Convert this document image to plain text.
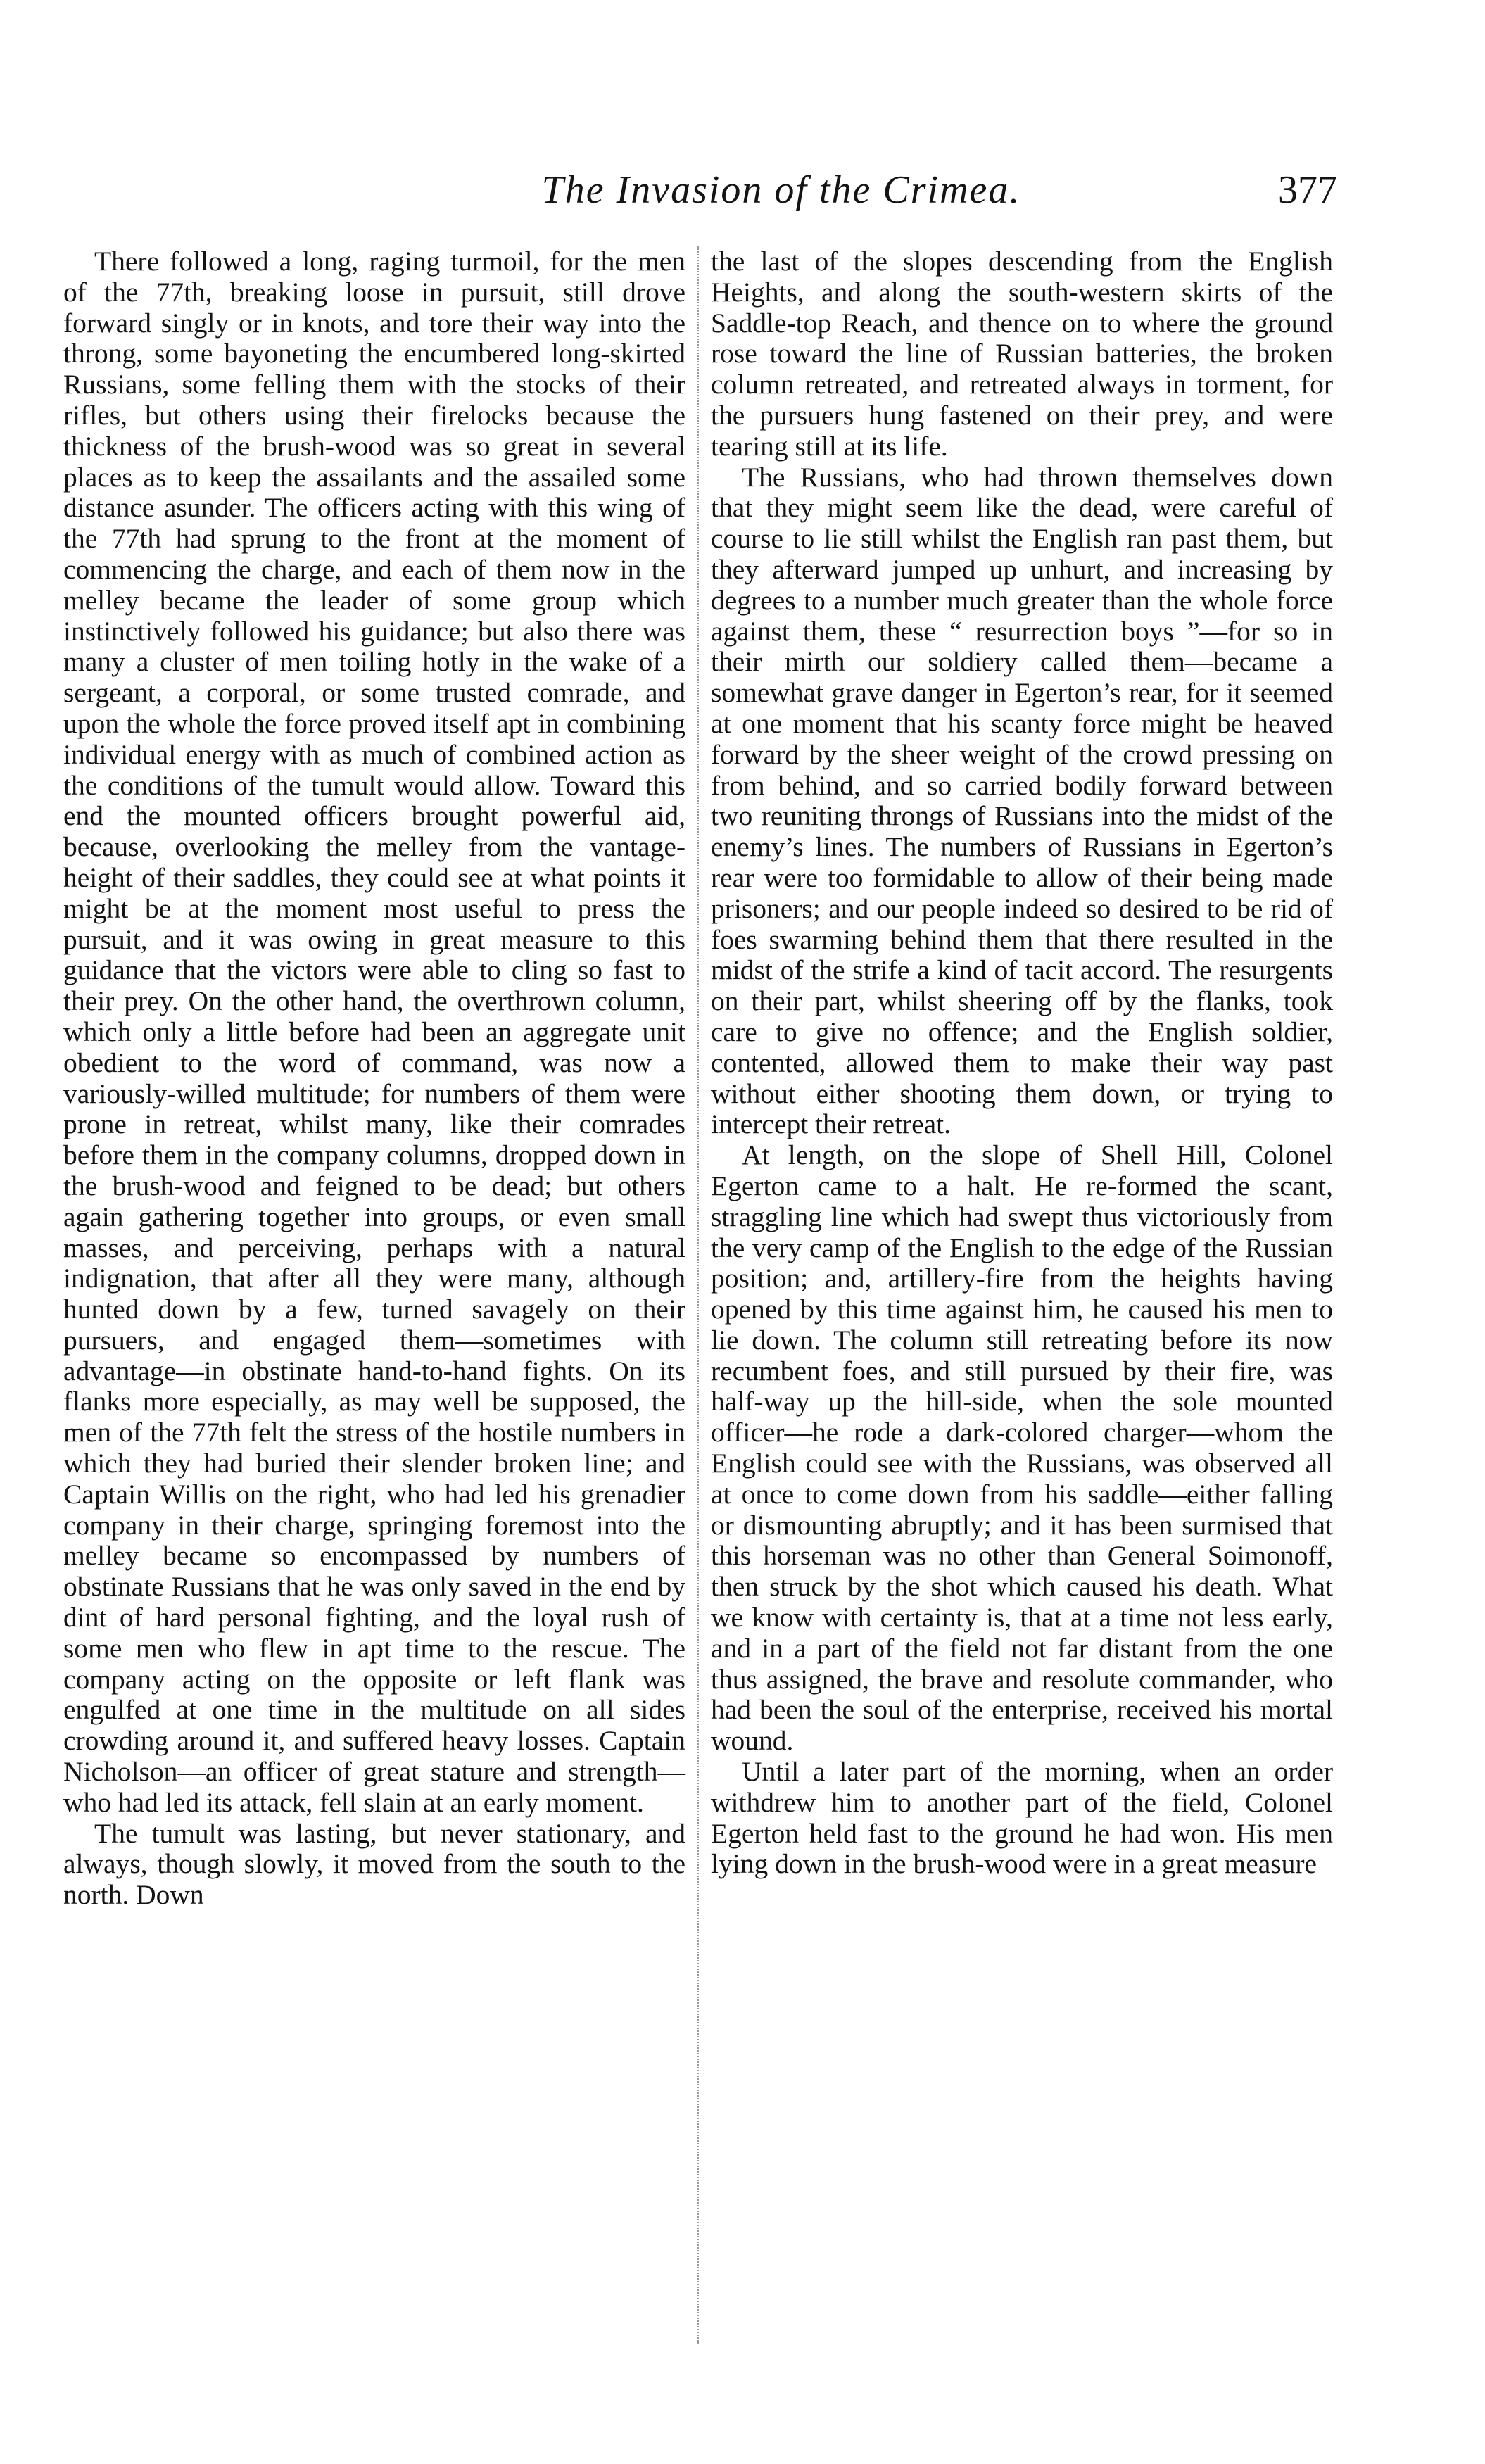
The Invasion of the Crimea.	377

There followed a long, raging turmoil, for the men of the 77th, breaking loose in pursuit, still drove forward singly or in knots, and tore their way into the throng, some bayoneting the encumbered long-skirted Russians, some felling them with the stocks of their rifles, but others using their firelocks because the thickness of the brush-wood was so great in several places as to keep the assailants and the assailed some distance asunder. The officers acting with this wing of the 77th had sprung to the front at the moment of commencing the charge, and each of them now in the melley became the leader of some group which instinctively followed his guidance; but also there was many a cluster of men toiling hotly in the wake of a sergeant, a corporal, or some trusted comrade, and upon the whole the force proved itself apt in combining individual energy with as much of combined action as the conditions of the tumult would allow. Toward this end the mounted officers brought powerful aid, because, overlooking the melley from the vantage-height of their saddles, they could see at what points it might be at the moment most useful to press the pursuit, and it was owing in great measure to this guidance that the victors were able to cling so fast to their prey. On the other hand, the overthrown column, which only a little before had been an aggregate unit obedient to the word of command, was now a variously-willed multitude; for numbers of them were prone in retreat, whilst many, like their comrades before them in the company columns, dropped down in the brush-wood and feigned to be dead; but others again gathering together into groups, or even small masses, and perceiving, perhaps with a natural indignation, that after all they were many, although hunted down by a few, turned savagely on their pursuers, and engaged them—sometimes with advantage—in obstinate hand-to-hand fights. On its flanks more especially, as may well be supposed, the men of the 77th felt the stress of the hostile numbers in which they had buried their slender broken line; and Captain Willis on the right, who had led his grenadier company in their charge, springing foremost into the melley became so encompassed by numbers of obstinate Russians that he was only saved in the end by dint of hard personal fighting, and the loyal rush of some men who flew in apt time to the rescue. The company acting on the opposite or left flank was engulfed at one time in the multitude on all sides crowding around it, and suffered heavy losses. Captain Nicholson—an officer of great stature and strength—who had led its attack, fell slain at an early moment.

The tumult was lasting, but never stationary, and always, though slowly, it moved from the south to the north. Down

the last of the slopes descending from the English Heights, and along the south-western skirts of the Saddle-top Reach, and thence on to where the ground rose toward the line of Russian batteries, the broken column retreated, and retreated always in torment, for the pursuers hung fastened on their prey, and were tearing still at its life.

The Russians, who had thrown themselves down that they might seem like the dead, were careful of course to lie still whilst the English ran past them, but they afterward jumped up unhurt, and increasing by degrees to a number much greater than the whole force against them, these “ resurrection boys ”—for so in their mirth our soldiery called them—became a somewhat grave danger in Egerton’s rear, for it seemed at one moment that his scanty force might be heaved forward by the sheer weight of the crowd pressing on from behind, and so carried bodily forward between two reuniting throngs of Russians into the midst of the enemy’s lines. The numbers of Russians in Egerton’s rear were too formidable to allow of their being made prisoners; and our people indeed so desired to be rid of foes swarming behind them that there resulted in the midst of the strife a kind of tacit accord. The resurgents on their part, whilst sheering off by the flanks, took care to give no offence; and the English soldier, contented, allowed them to make their way past without either shooting them down, or trying to intercept their retreat.

At length, on the slope of Shell Hill, Colonel Egerton came to a halt. He re-formed the scant, straggling line which had swept thus victoriously from the very camp of the English to the edge of the Russian position; and, artillery-fire from the heights having opened by this time against him, he caused his men to lie down. The column still retreating before its now recumbent foes, and still pursued by their fire, was half-way up the hill-side, when the sole mounted officer—he rode a dark-colored charger—whom the English could see with the Russians, was observed all at once to come down from his saddle—either falling or dismounting abruptly; and it has been surmised that this horseman was no other than General Soimonoff, then struck by the shot which caused his death. What we know with certainty is, that at a time not less early, and in a part of the field not far distant from the one thus assigned, the brave and resolute commander, who had been the soul of the enterprise, received his mortal wound.

Until a later part of the morning, when an order withdrew him to another part of the field, Colonel Egerton held fast to the ground he had won. His men lying down in the brush-wood were in a great measure
